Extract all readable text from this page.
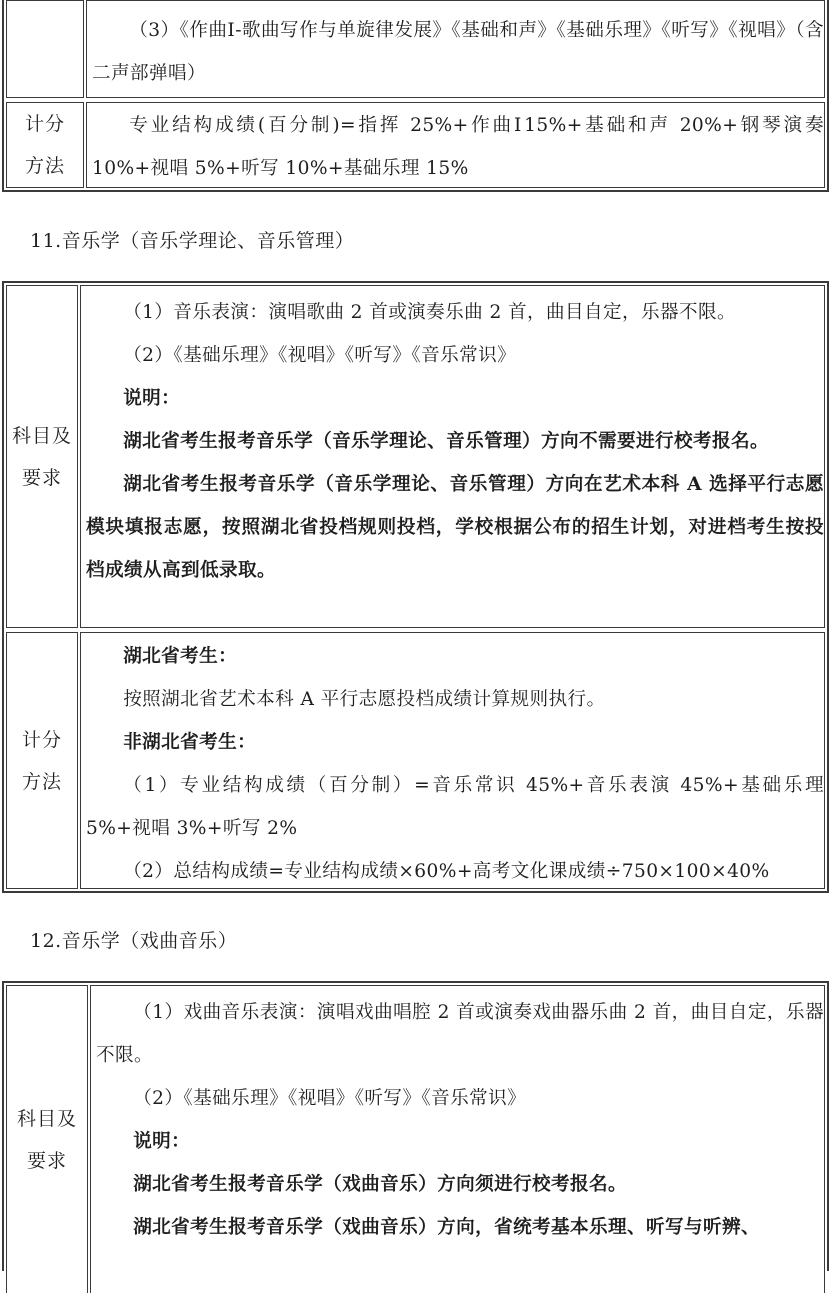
（3）《作曲Ⅰ-歌曲写作与单旋律发展》《基础和声》《基础乐理》《听写》《视唱》（含二声部弹唱）

计分
方法

专业结构成绩(百分制)=指挥 25%+作曲Ⅰ15%+基础和声 20%+钢琴演奏 10%+视唱 5%+听写 10%+基础乐理 15%

11.音乐学（音乐学理论、音乐管理）

科目及
要求

（1）音乐表演：演唱歌曲 2 首或演奏乐曲 2 首，曲目自定，乐器不限。

（2）《基础乐理》《视唱》《听写》《音乐常识》

说明：

湖北省考生报考音乐学（音乐学理论、音乐管理）方向不需要进行校考报名。

湖北省考生报考音乐学（音乐学理论、音乐管理）方向在艺术本科 A 选择平行志愿模块填报志愿，按照湖北省投档规则投档，学校根据公布的招生计划，对进档考生按投档成绩从高到低录取。

计分
方法

湖北省考生：

按照湖北省艺术本科 A 平行志愿投档成绩计算规则执行。

非湖北省考生：

（1）专业结构成绩（百分制）=音乐常识 45%+音乐表演 45%+基础乐理 5%+视唱 3%+听写 2%

（2）总结构成绩=专业结构成绩×60%+高考文化课成绩÷750×100×40%

12.音乐学（戏曲音乐）

科目及
要求

（1）戏曲音乐表演：演唱戏曲唱腔 2 首或演奏戏曲器乐曲 2 首，曲目自定，乐器不限。

（2）《基础乐理》《视唱》《听写》《音乐常识》

说明：

湖北省考生报考音乐学（戏曲音乐）方向须进行校考报名。

湖北省考生报考音乐学（戏曲音乐）方向，省统考基本乐理、听写与听辨、
